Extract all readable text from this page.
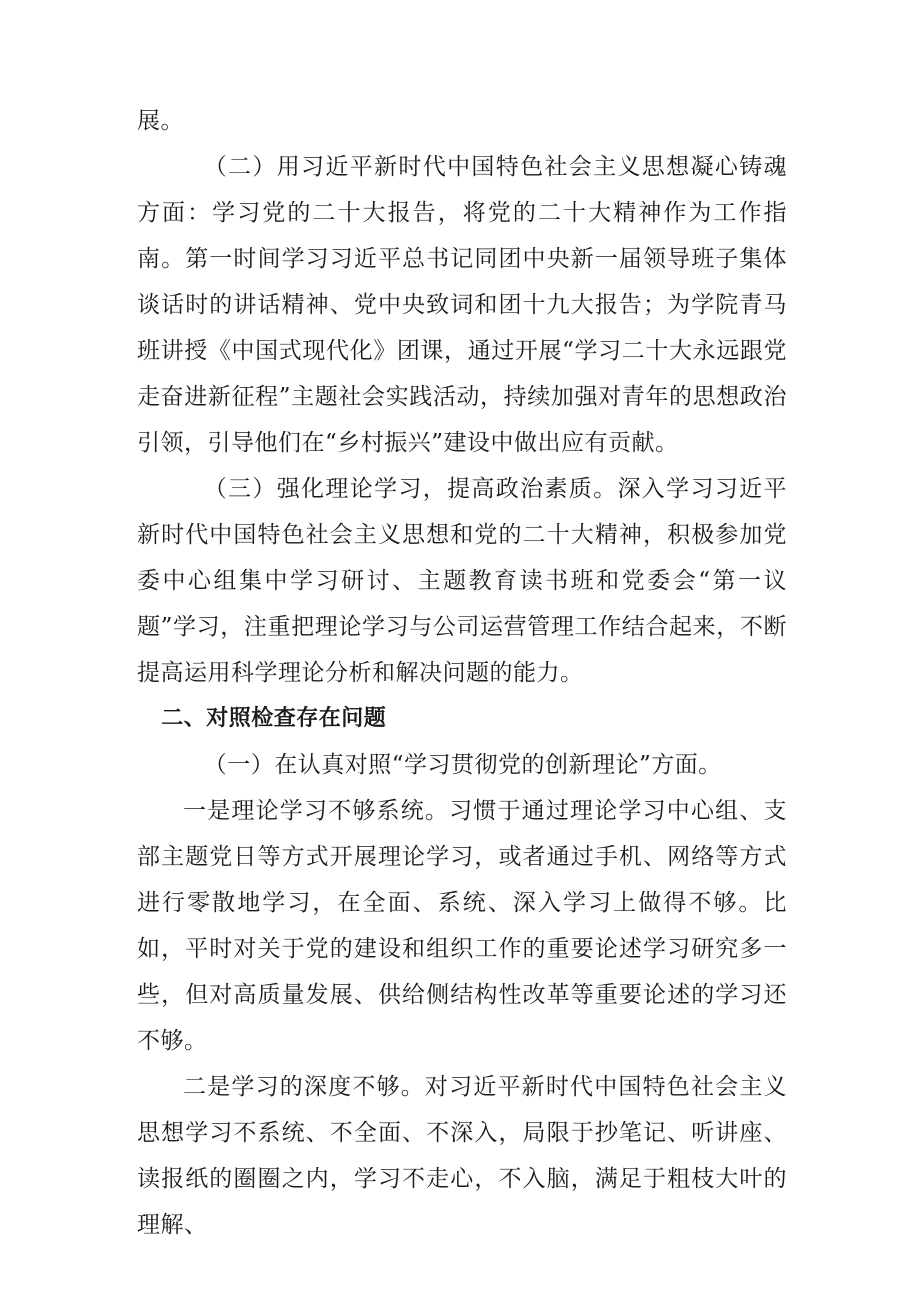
展。

（二）用习近平新时代中国特色社会主义思想凝心铸魂方面：学习党的二十大报告，将党的二十大精神作为工作指南。第一时间学习习近平总书记同团中央新一届领导班子集体谈话时的讲话精神、党中央致词和团十九大报告；为学院青马班讲授《中国式现代化》团课，通过开展“学习二十大永远跟党走奋进新征程”主题社会实践活动，持续加强对青年的思想政治引领，引导他们在“乡村振兴”建设中做出应有贡献。

（三）强化理论学习，提高政治素质。深入学习习近平新时代中国特色社会主义思想和党的二十大精神，积极参加党委中心组集中学习研讨、主题教育读书班和党委会“第一议题”学习，注重把理论学习与公司运营管理工作结合起来，不断提高运用科学理论分析和解决问题的能力。

二、对照检查存在问题

（一）在认真对照“学习贯彻党的创新理论”方面。

一是理论学习不够系统。习惯于通过理论学习中心组、支部主题党日等方式开展理论学习，或者通过手机、网络等方式进行零散地学习，在全面、系统、深入学习上做得不够。比如，平时对关于党的建设和组织工作的重要论述学习研究多一些，但对高质量发展、供给侧结构性改革等重要论述的学习还不够。

二是学习的深度不够。对习近平新时代中国特色社会主义思想学习不系统、不全面、不深入，局限于抄笔记、听讲座、读报纸的圈圈之内，学习不走心，不入脑，满足于粗枝大叶的理解、
